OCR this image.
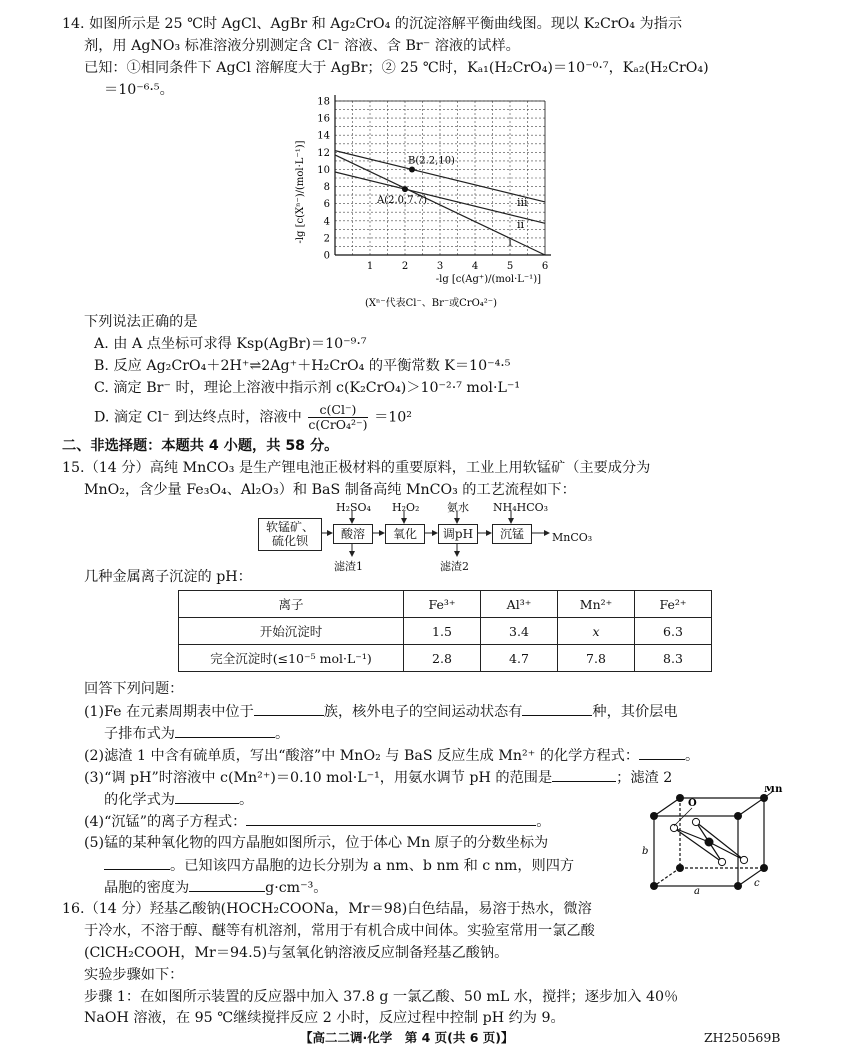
14. 如图所示是 25 ℃时 AgCl、AgBr 和 Ag₂CrO₄ 的沉淀溶解平衡曲线图。现以 K₂CrO₄ 为指示
剂，用 AgNO₃ 标准溶液分别测定含 Cl⁻ 溶液、含 Br⁻ 溶液的试样。
已知：①相同条件下 AgCl 溶解度大于 AgBr；② 25 ℃时，Kₐ₁(H₂CrO₄)＝10⁻⁰·⁷，Kₐ₂(H₂CrO₄)
＝10⁻⁶·⁵。
i
ii
iii
0
2
4
6
8
10
12
14
16
18
1	2	3	4	5	6
A(2.0,7.7)
B(2.2,10)
-lg [c(Xⁿ⁻)/(mol·L⁻¹)]
-lg [c(Ag⁺)/(mol·L⁻¹)]
(Xⁿ⁻代表Cl⁻、Br⁻或CrO₄²⁻)
下列说法正确的是
A. 由 A 点坐标可求得 Ksp(AgBr)＝10⁻⁹·⁷
B. 反应 Ag₂CrO₄＋2H⁺⇌2Ag⁺＋H₂CrO₄ 的平衡常数 K＝10⁻⁴·⁵
C. 滴定 Br⁻ 时，理论上溶液中指示剂 c(K₂CrO₄)＞10⁻²·⁷ mol·L⁻¹
D. 滴定 Cl⁻ 到达终点时，溶液中	c(Cl⁻)
c(CrO₄²⁻) ＝10²
二、非选择题：本题共 4 小题，共 58 分。
15.（14 分）高纯 MnCO₃ 是生产锂电池正极材料的重要原料，工业上用软锰矿（主要成分为
MnO₂，含少量 Fe₃O₄、Al₂O₃）和 BaS 制备高纯 MnCO₃ 的工艺流程如下：
软锰矿、
硫化钡	酸溶	氧化	调pH	沉锰
H₂SO₄ H₂O₂	氨水 NH₄HCO₃
滤渣1	滤渣2
MnCO₃
几种金属离子沉淀的 pH：
离子	Fe³⁺	Al³⁺	Mn²⁺	Fe²⁺
开始沉淀时	1.5	3.4	x	6.3
完全沉淀时(≤10⁻⁵ mol·L⁻¹)	2.8	4.7	7.8	8.3
回答下列问题：
(1)Fe 在元素周期表中位于	族，核外电子的空间运动状态有	种，其价层电
子排布式为	。
(2)滤渣 1 中含有硫单质，写出“酸溶”中 MnO₂ 与 BaS 反应生成 Mn²⁺ 的化学方程式：	。
(3)“调 pH”时溶液中 c(Mn²⁺)＝0.10 mol·L⁻¹，用氨水调节 pH 的范围是	；滤渣 2
的化学式为	。
(4)“沉锰”的离子方程式：	。
(5)锰的某种氧化物的四方晶胞如图所示，位于体心 Mn 原子的分数坐标为
。已知该四方晶胞的边长分别为 a nm、b nm 和 c nm，则四方
晶胞的密度为	g·cm⁻³。
O
Mn
a
b
c
16.（14 分）羟基乙酸钠(HOCH₂COONa，Mr＝98)白色结晶，易溶于热水，微溶
于冷水，不溶于醇、醚等有机溶剂，常用于有机合成中间体。实验室常用一氯乙酸
(ClCH₂COOH，Mr＝94.5)与氢氧化钠溶液反应制备羟基乙酸钠。
实验步骤如下：
步骤 1：在如图所示装置的反应器中加入 37.8 g 一氯乙酸、50 mL 水，搅拌；逐步加入 40％
NaOH 溶液，在 95 ℃继续搅拌反应 2 小时，反应过程中控制 pH 约为 9。
【高二二调·化学　第 4 页(共 6 页)】	ZH250569B
